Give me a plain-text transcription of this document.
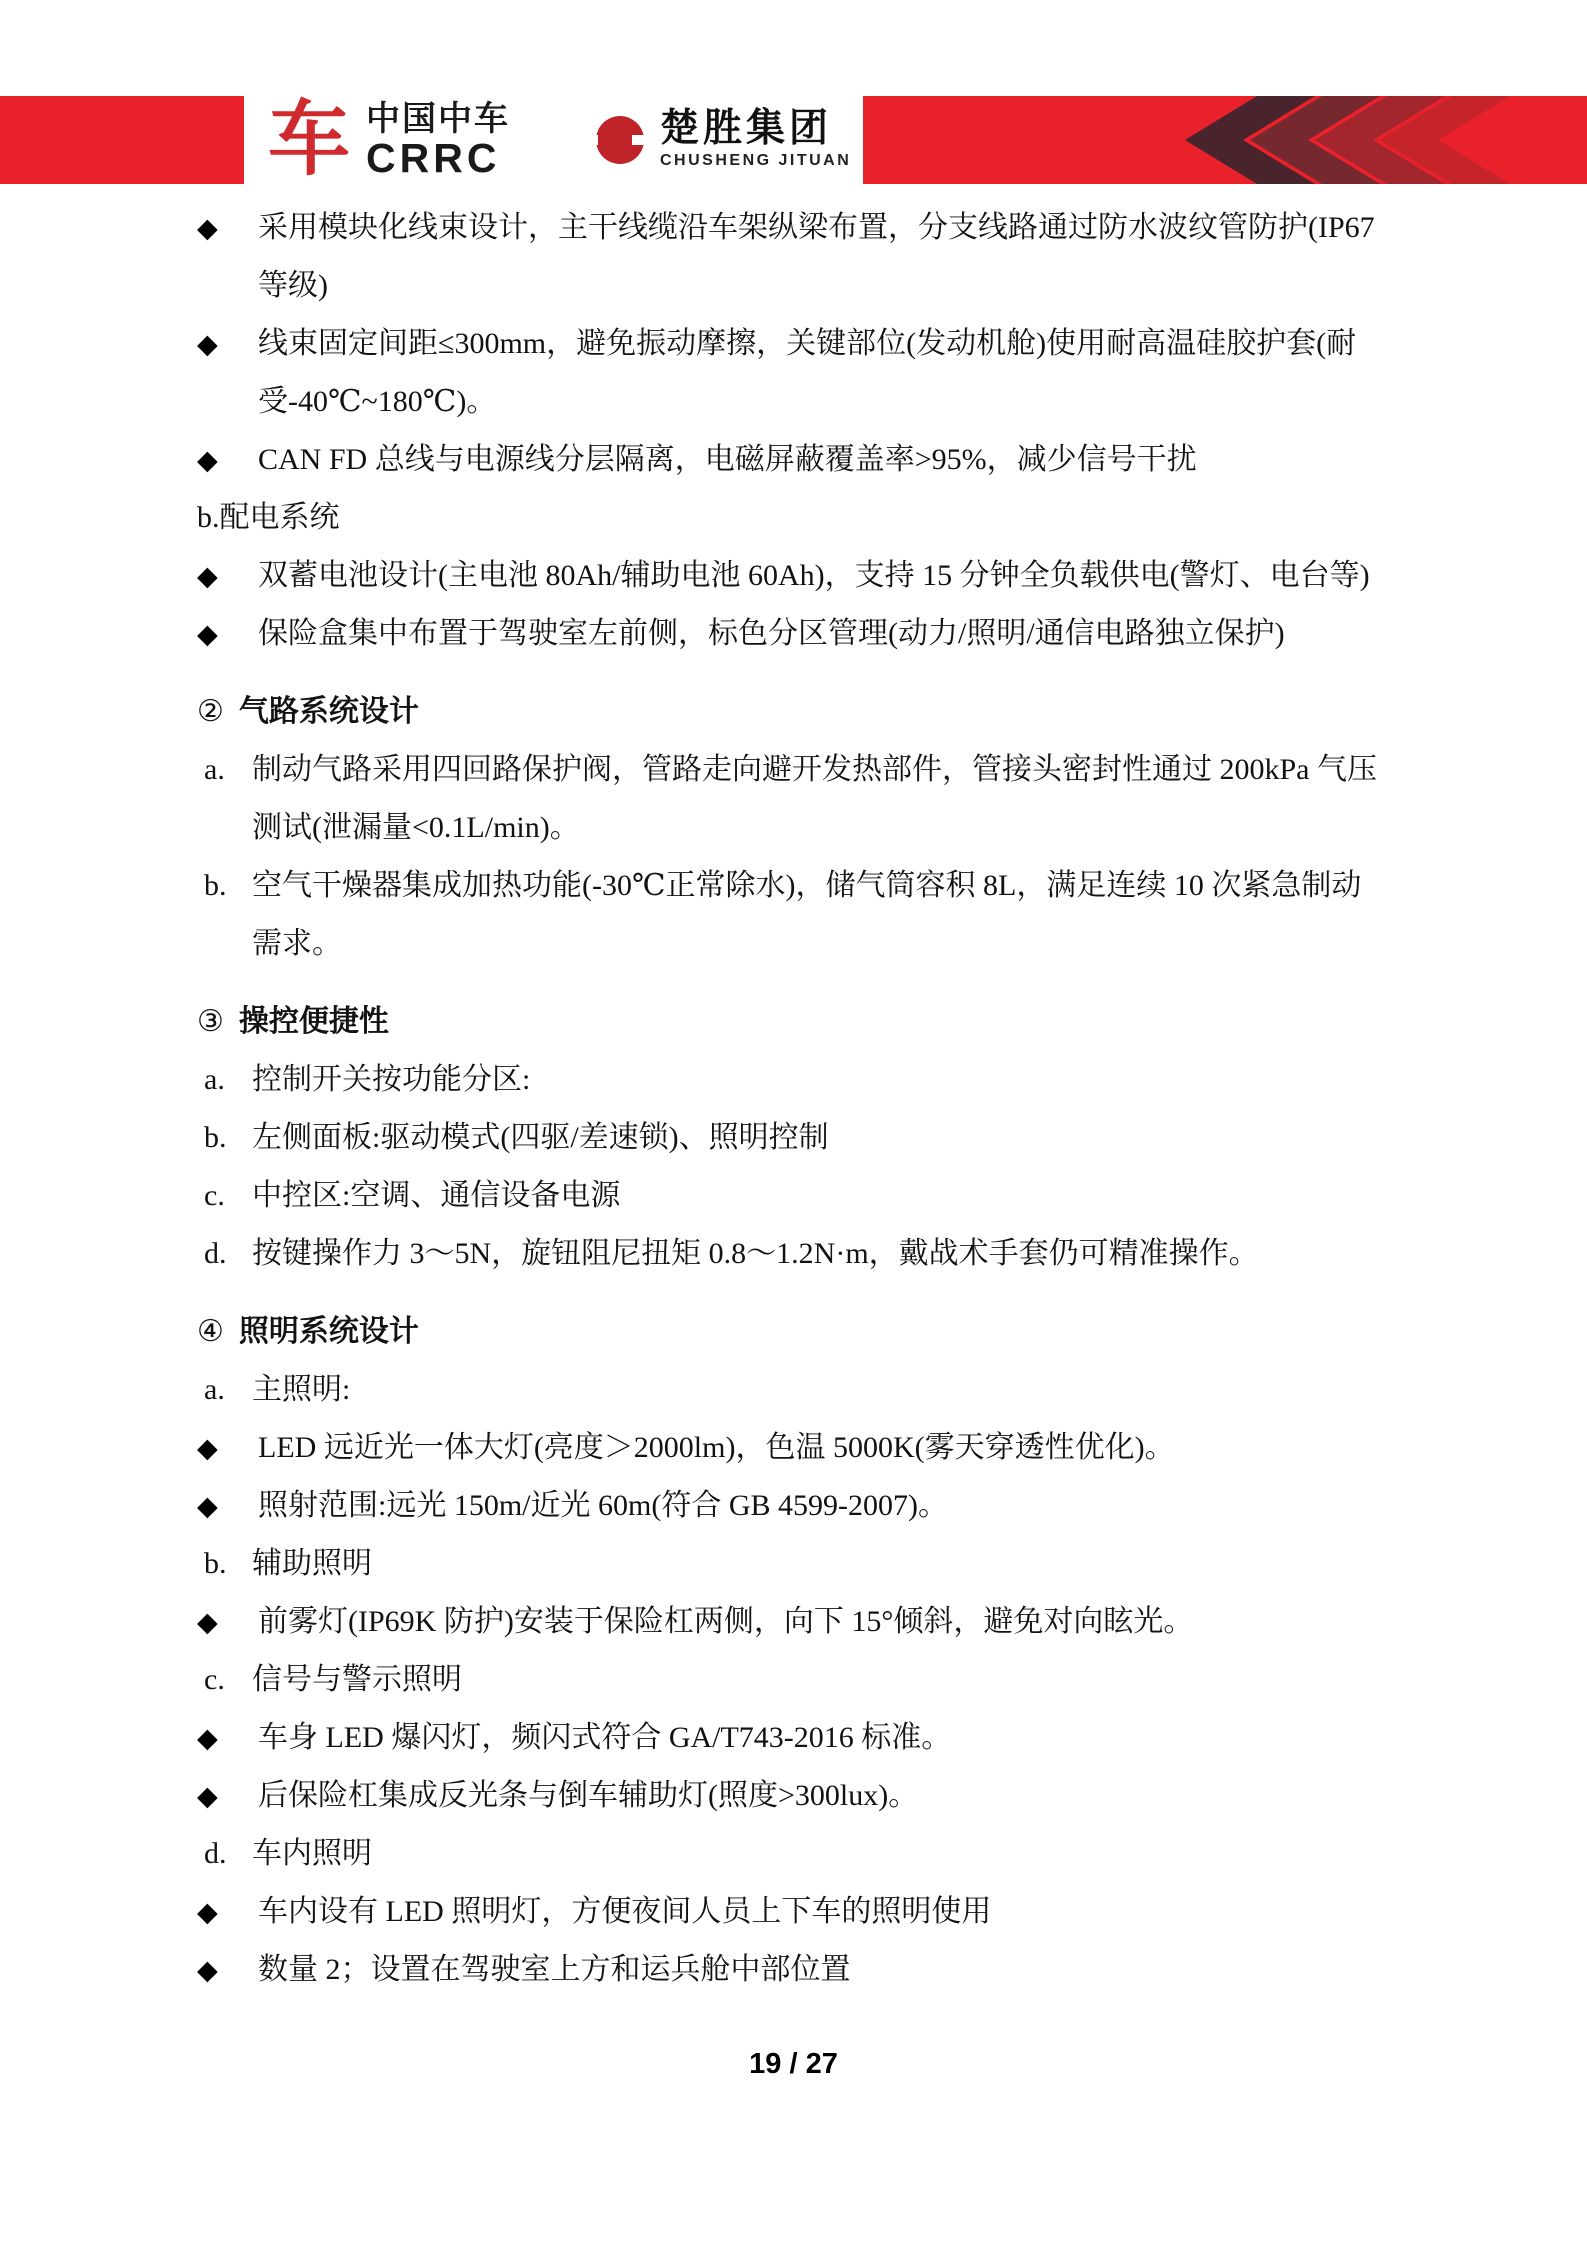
车 中国中车
CRRC
楚胜集团
CHUSHENG JITUAN
◆ 采用模块化线束设计，主干线缆沿车架纵梁布置，分支线路通过防水波纹管防护(IP67
等级)
◆ 线束固定间距≤300mm，避免振动摩擦，关键部位(发动机舱)使用耐高温硅胶护套(耐
受-40℃~180℃)。
◆ CAN FD 总线与电源线分层隔离，电磁屏蔽覆盖率>95%，减少信号干扰
b.配电系统
◆ 双蓄电池设计(主电池 80Ah/辅助电池 60Ah)，支持 15 分钟全负载供电(警灯、电台等)
◆ 保险盒集中布置于驾驶室左前侧，标色分区管理(动力/照明/通信电路独立保护)
② 气路系统设计
a. 制动气路采用四回路保护阀，管路走向避开发热部件，管接头密封性通过 200kPa 气压
测试(泄漏量<0.1L/min)。
b. 空气干燥器集成加热功能(-30℃正常除水)，储气筒容积 8L，满足连续 10 次紧急制动
需求。
③ 操控便捷性
a. 控制开关按功能分区:
b. 左侧面板:驱动模式(四驱/差速锁)、照明控制
c. 中控区:空调、通信设备电源
d. 按键操作力 3～5N，旋钮阻尼扭矩 0.8～1.2N·m，戴战术手套仍可精准操作。
④ 照明系统设计
a. 主照明:
◆ LED 远近光一体大灯(亮度＞2000lm)，色温 5000K(雾天穿透性优化)。
◆ 照射范围:远光 150m/近光 60m(符合 GB 4599-2007)。
b. 辅助照明
◆ 前雾灯(IP69K 防护)安装于保险杠两侧，向下 15°倾斜，避免对向眩光。
c. 信号与警示照明
◆ 车身 LED 爆闪灯，频闪式符合 GA/T743-2016 标准。
◆ 后保险杠集成反光条与倒车辅助灯(照度>300lux)。
d. 车内照明
◆ 车内设有 LED 照明灯，方便夜间人员上下车的照明使用
◆ 数量 2；设置在驾驶室上方和运兵舱中部位置
19 / 27
